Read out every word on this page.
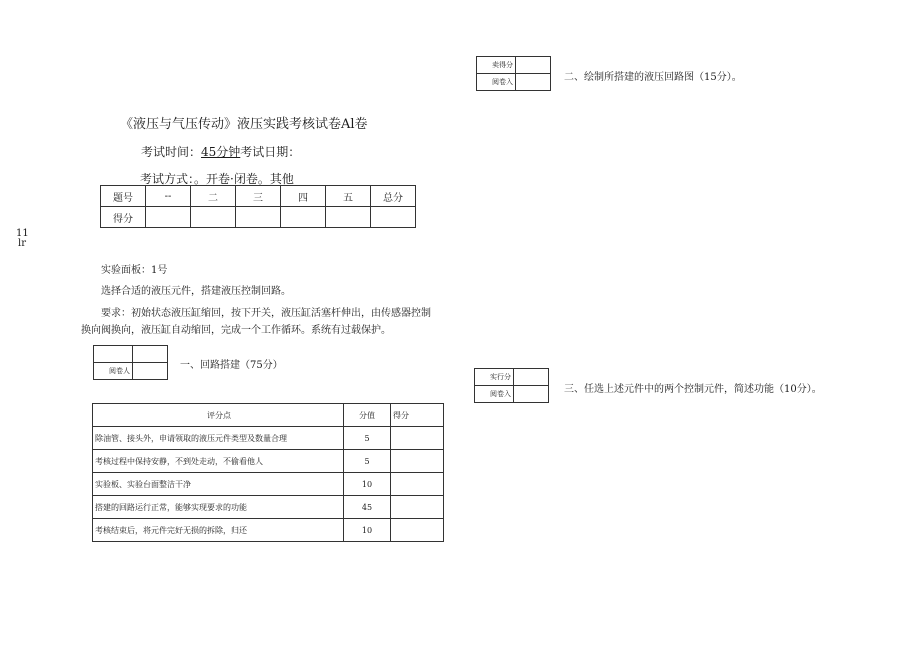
11
lr
《液压与气压传动》液压实践考核试卷Al卷
考试时间：45分钟考试日期：
考试方式：。开卷·闭卷。其他
题号	--	二	三	四	五	总分
得分						
实验面板：1号
选择合适的液压元件，搭建液压控制回路。
要求：初始状态液压缸缩回，按下开关，液压缸活塞杆伸出，由传感器控制
换向阀换向，液压缸自动缩回，完成一个工作循环。系统有过载保护。

阅卷人		一、回路搭建（75分）
评分点	分值	得分
除油管、接头外，申请领取的液压元件类型及数量合理	5	
考核过程中保持安静，不到处走动，不偷看他人	5	
实验板、实验台面整洁干净	10	
搭建的回路运行正常，能够实现要求的功能	45	
考核结束后，将元件完好无损的拆除，归还	10	
卖得分	
阅卷入		二、绘制所搭建的液压回路图（15分）。
实行分	
阅卷入		三、任选上述元件中的两个控制元件，简述功能（10分）。
